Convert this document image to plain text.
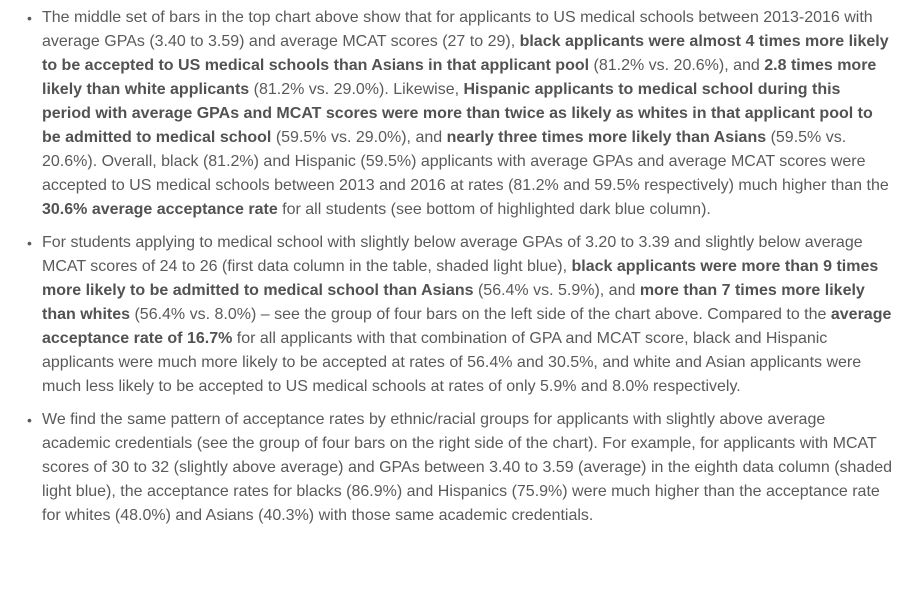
• The middle set of bars in the top chart above show that for applicants to US medical schools between 2013-2016 with average GPAs (3.40 to 3.59) and average MCAT scores (27 to 29), black applicants were almost 4 times more likely to be accepted to US medical schools than Asians in that applicant pool (81.2% vs. 20.6%), and 2.8 times more likely than white applicants (81.2% vs. 29.0%). Likewise, Hispanic applicants to medical school during this period with average GPAs and MCAT scores were more than twice as likely as whites in that applicant pool to be admitted to medical school (59.5% vs. 29.0%), and nearly three times more likely than Asians (59.5% vs. 20.6%). Overall, black (81.2%) and Hispanic (59.5%) applicants with average GPAs and average MCAT scores were accepted to US medical schools between 2013 and 2016 at rates (81.2% and 59.5% respectively) much higher than the 30.6% average acceptance rate for all students (see bottom of highlighted dark blue column).
• For students applying to medical school with slightly below average GPAs of 3.20 to 3.39 and slightly below average MCAT scores of 24 to 26 (first data column in the table, shaded light blue), black applicants were more than 9 times more likely to be admitted to medical school than Asians (56.4% vs. 5.9%), and more than 7 times more likely than whites (56.4% vs. 8.0%) – see the group of four bars on the left side of the chart above. Compared to the average acceptance rate of 16.7% for all applicants with that combination of GPA and MCAT score, black and Hispanic applicants were much more likely to be accepted at rates of 56.4% and 30.5%, and white and Asian applicants were much less likely to be accepted to US medical schools at rates of only 5.9% and 8.0% respectively.
• We find the same pattern of acceptance rates by ethnic/racial groups for applicants with slightly above average academic credentials (see the group of four bars on the right side of the chart). For example, for applicants with MCAT scores of 30 to 32 (slightly above average) and GPAs between 3.40 to 3.59 (average) in the eighth data column (shaded light blue), the acceptance rates for blacks (86.9%) and Hispanics (75.9%) were much higher than the acceptance rate for whites (48.0%) and Asians (40.3%) with those same academic credentials.
